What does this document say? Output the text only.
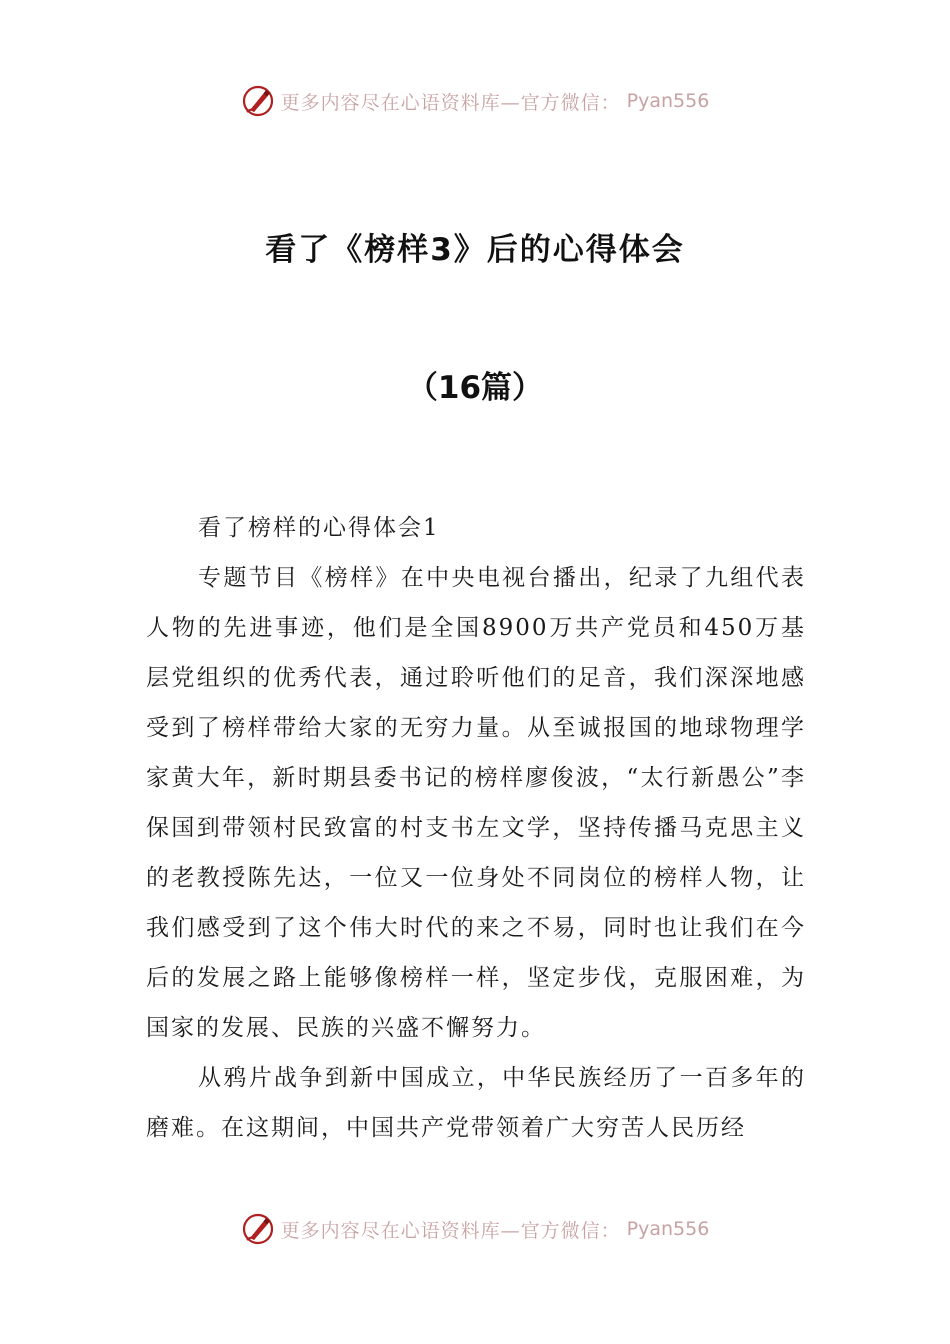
更多内容尽在心语资料库—官方微信： Pyan556
看了《榜样3》后的心得体会
（16篇）

看了榜样的心得体会1

专题节目《榜样》在中央电视台播出，纪录了九组代表人物的先进事迹，他们是全国8900万共产党员和450万基层党组织的优秀代表，通过聆听他们的足音，我们深深地感受到了榜样带给大家的无穷力量。从至诚报国的地球物理学家黄大年，新时期县委书记的榜样廖俊波，“太行新愚公”李保国到带领村民致富的村支书左文学，坚持传播马克思主义的老教授陈先达，一位又一位身处不同岗位的榜样人物，让我们感受到了这个伟大时代的来之不易，同时也让我们在今后的发展之路上能够像榜样一样，坚定步伐，克服困难，为国家的发展、民族的兴盛不懈努力。

从鸦片战争到新中国成立，中华民族经历了一百多年的磨难。在这期间，中国共产党带领着广大穷苦人民历经

更多内容尽在心语资料库—官方微信： Pyan556
